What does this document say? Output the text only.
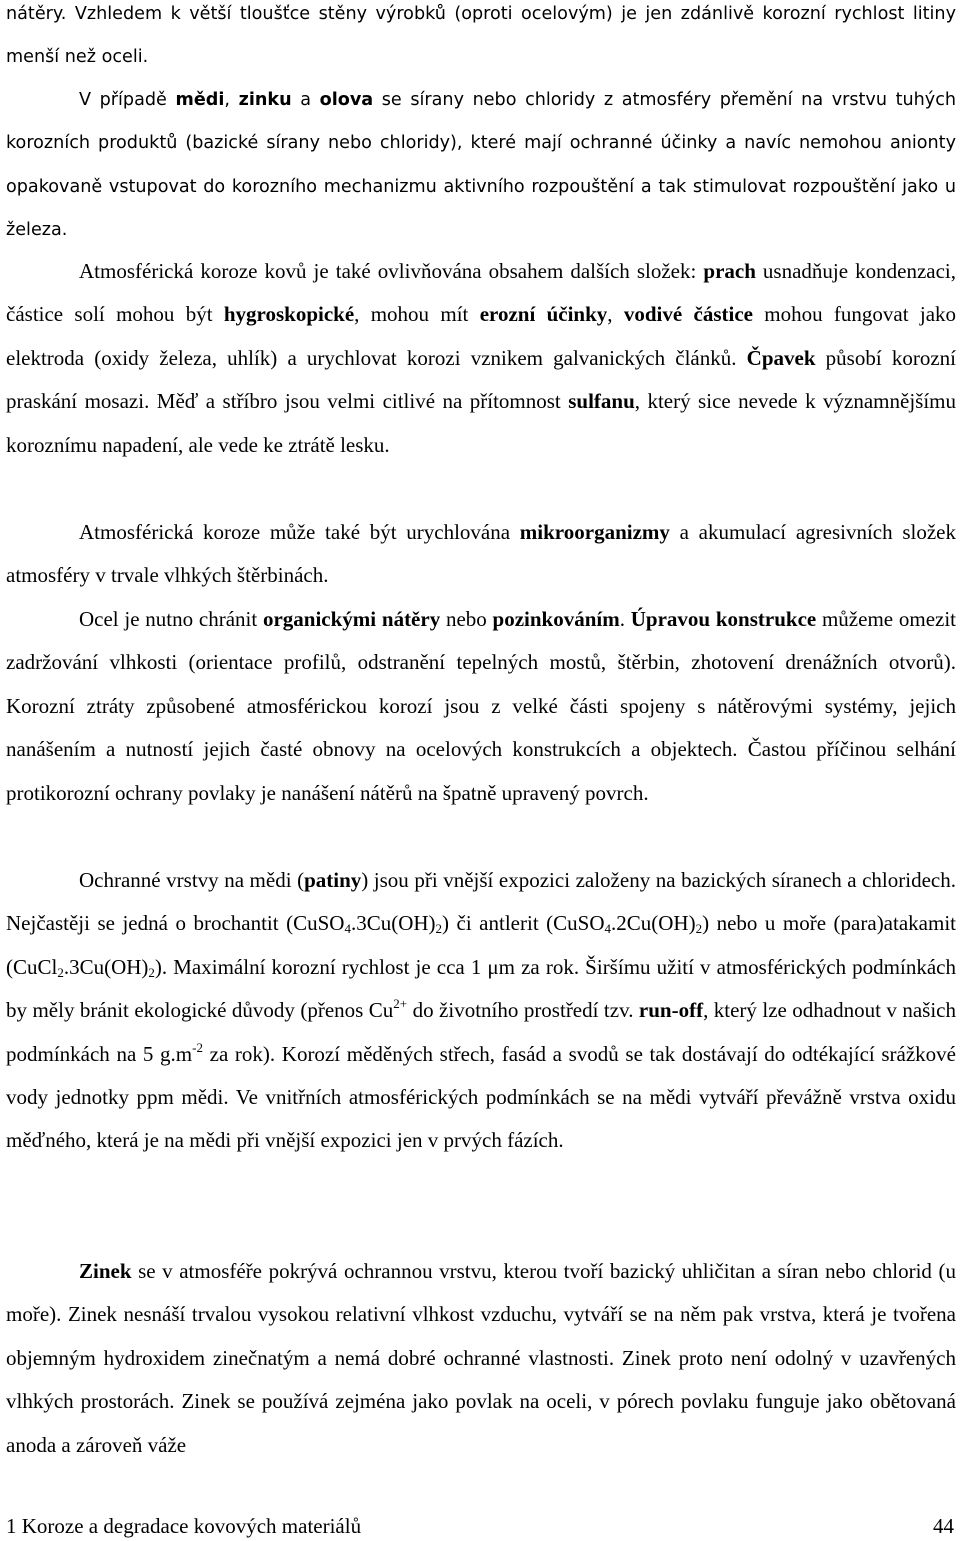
nátěry. Vzhledem k větší tloušťce stěny výrobků (oproti ocelovým) je jen zdánlivě korozní rychlost litiny menší než oceli.

V případě mědi, zinku a olova se sírany nebo chloridy z atmosféry přemění na vrstvu tuhých korozních produktů (bazické sírany nebo chloridy), které mají ochranné účinky a navíc nemohou anionty opakovaně vstupovat do korozního mechanizmu aktivního rozpouštění a tak stimulovat rozpouštění jako u železa.

Atmosférická koroze kovů je také ovlivňována obsahem dalších složek: prach usnadňuje kondenzaci, částice solí mohou být hygroskopické, mohou mít erozní účinky, vodivé částice mohou fungovat jako elektroda (oxidy železa, uhlík) a urychlovat korozi vznikem galvanických článků. Čpavek působí korozní praskání mosazi. Měď a stříbro jsou velmi citlivé na přítomnost sulfanu, který sice nevede k významnějšímu koroznímu napadení, ale vede ke ztrátě lesku.

Atmosférická koroze může také být urychlována mikroorganizmy a akumulací agresivních složek atmosféry v trvale vlhkých štěrbinách.

Ocel je nutno chránit organickými nátěry nebo pozinkováním. Úpravou konstrukce můžeme omezit zadržování vlhkosti (orientace profilů, odstranění tepelných mostů, štěrbin, zhotovení drenážních otvorů). Korozní ztráty způsobené atmosférickou korozí jsou z velké části spojeny s nátěrovými systémy, jejich nanášením a nutností jejich časté obnovy na ocelových konstrukcích a objektech. Častou příčinou selhání protikorozní ochrany povlaky je nanášení nátěrů na špatně upravený povrch.

Ochranné vrstvy na mědi (patiny) jsou při vnější expozici založeny na bazických síranech a chloridech. Nejčastěji se jedná o brochantit $(CuSO_4.3Cu(OH)_2)$ či antlerit $(CuSO_4.2Cu(OH)_2)$ nebo u moře (para)atakamit $(CuCl_2.3Cu(OH)_2)$. Maximální korozní rychlost je cca 1 μm za rok. Širšímu užití v atmosférických podmínkách by měly bránit ekologické důvody (přenos $Cu^{2+}$ do životního prostředí tzv. run-off, který lze odhadnout v našich podmínkách na 5 $g.m^{-2}$ za rok). Korozí měděných střech, fasád a svodů se tak dostávají do odtékající srážkové vody jednotky ppm mědi. Ve vnitřních atmosférických podmínkách se na mědi vytváří převážně vrstva oxidu měďného, která je na mědi při vnější expozici jen v prvých fázích.

Zinek se v atmosféře pokrývá ochrannou vrstvu, kterou tvoří bazický uhličitan a síran nebo chlorid (u moře). Zinek nesnáší trvalou vysokou relativní vlhkost vzduchu, vytváří se na něm pak vrstva, která je tvořena objemným hydroxidem zinečnatým a nemá dobré ochranné vlastnosti. Zinek proto není odolný v uzavřených vlhkých prostorách. Zinek se používá zejména jako povlak na oceli, v pórech povlaku funguje jako obětovaná anoda a zároveň váže

1 Koroze a degradace kovových materiálů	44
